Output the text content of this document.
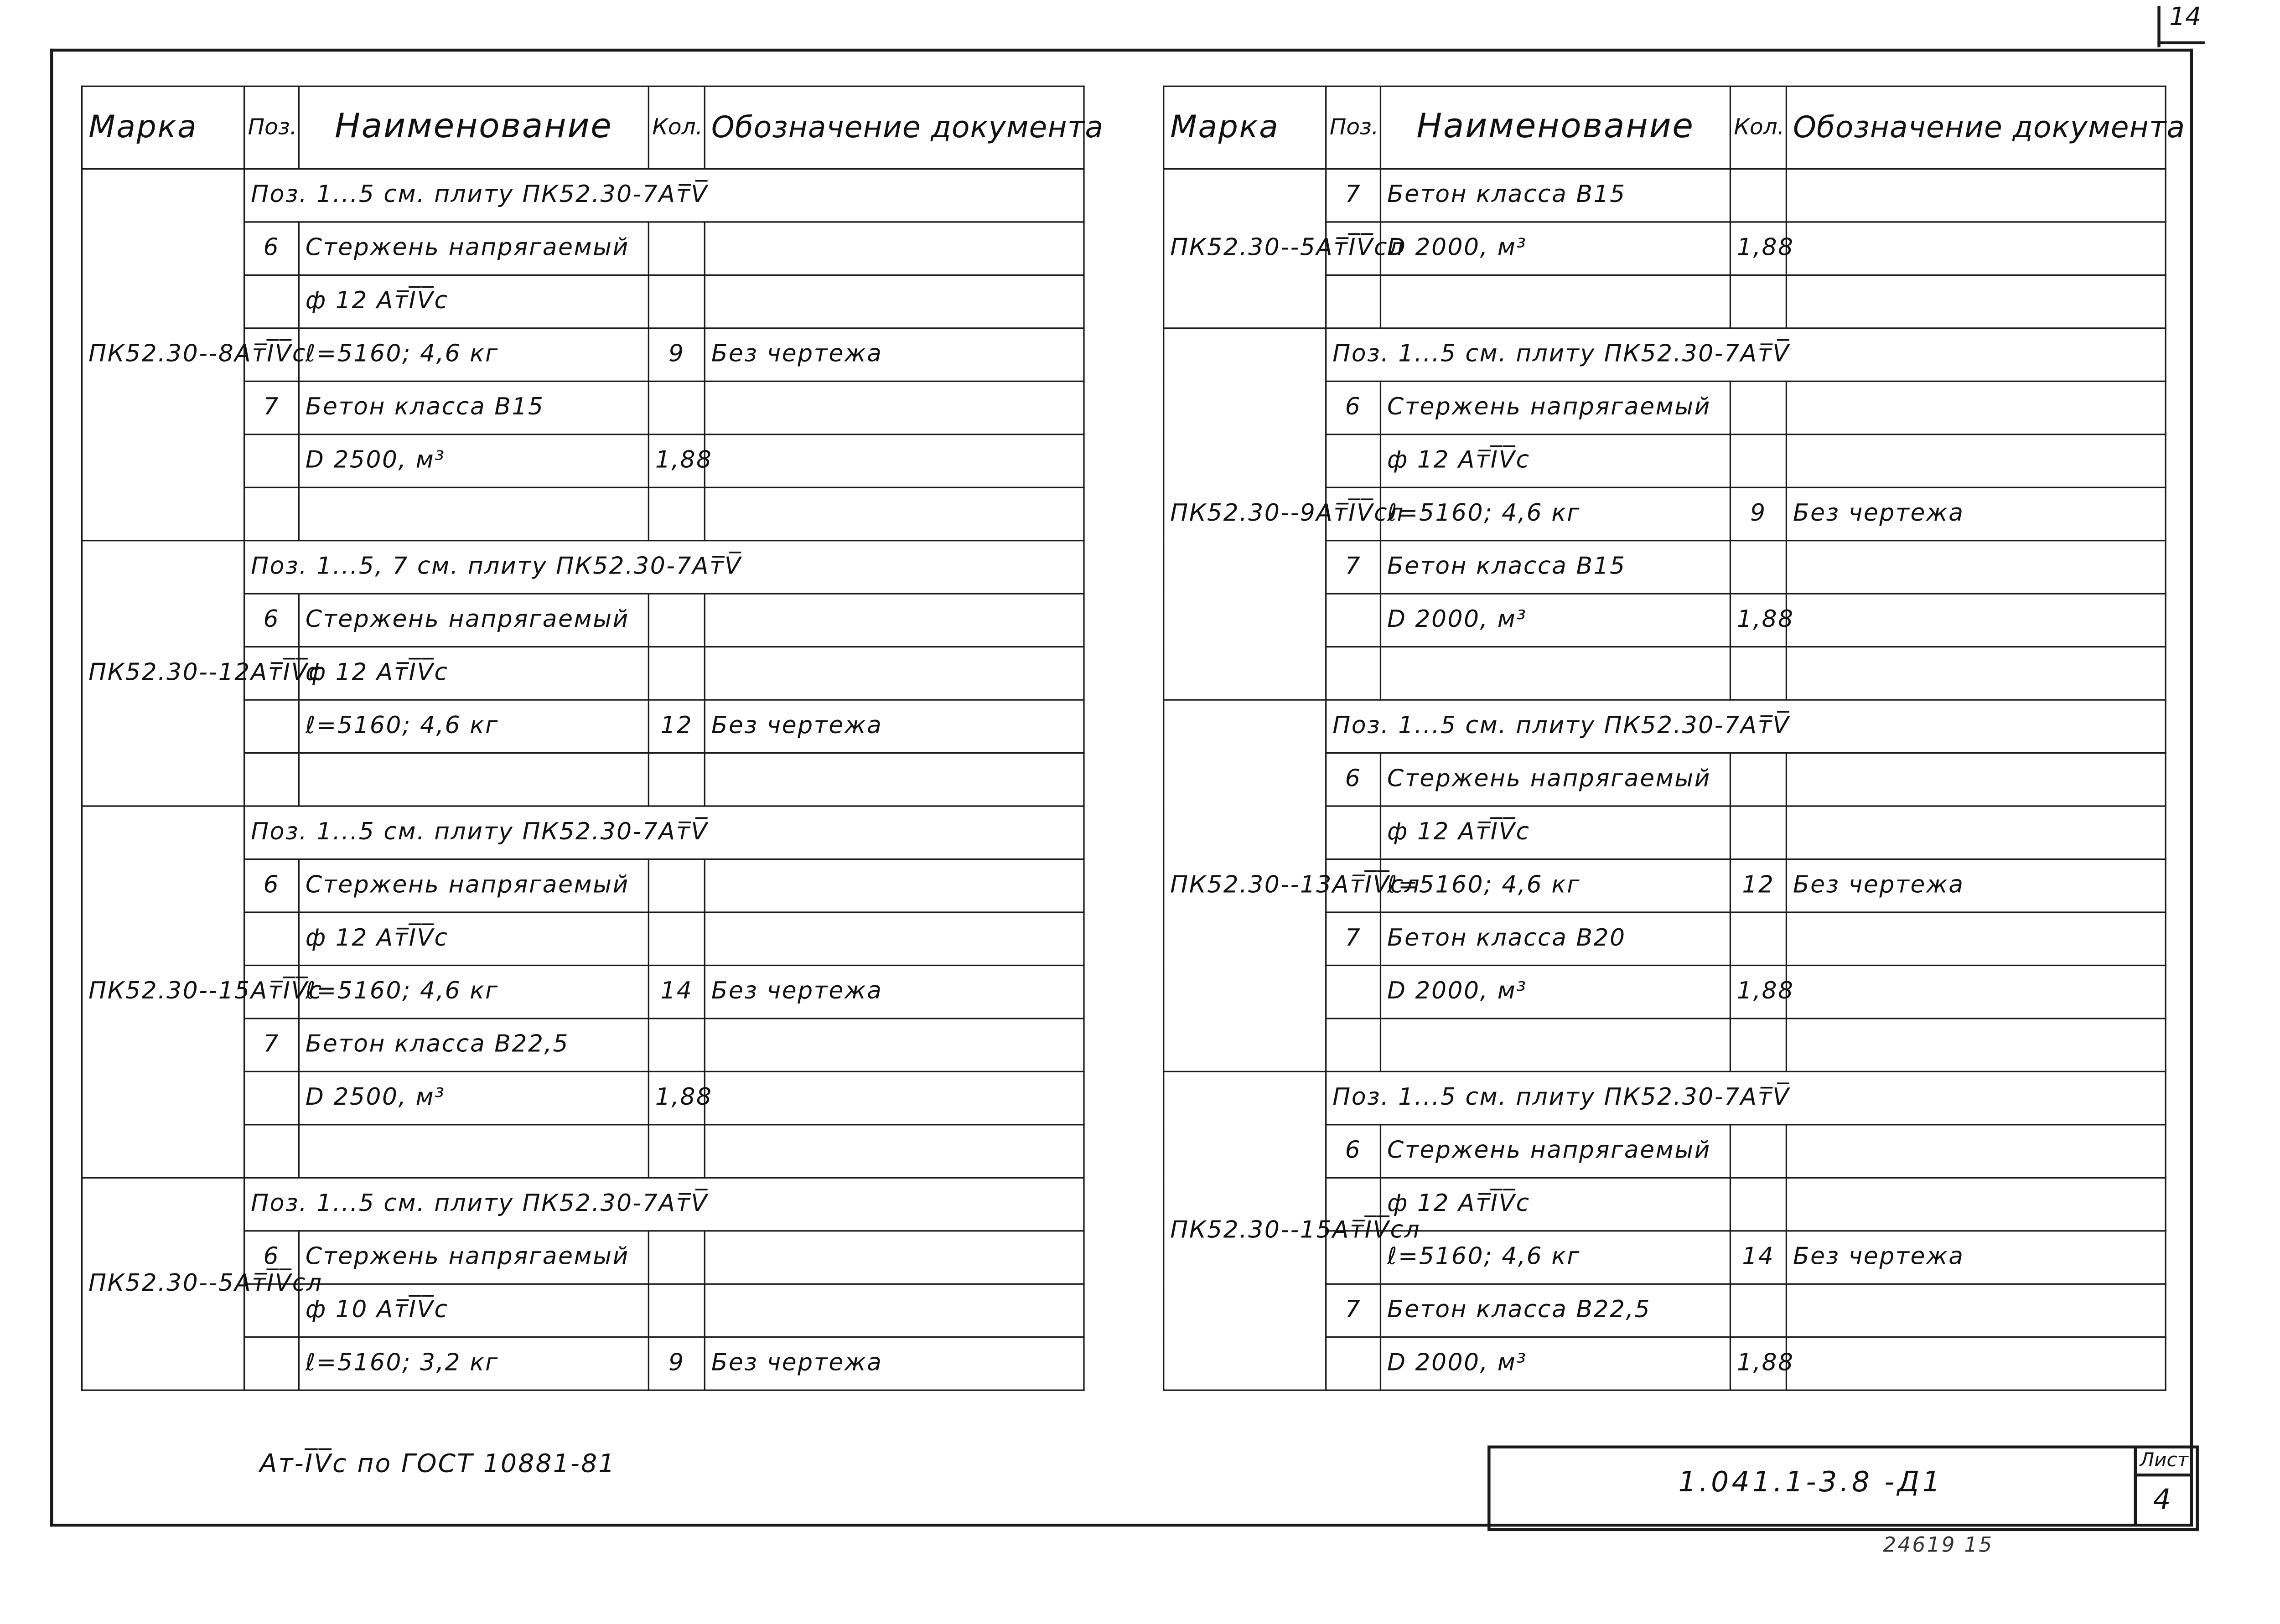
14
Марка	Поз.	Наименование	Кол.	Обозначение документа
ПК52.30--8Ат̅I̅V̅с	Поз. 1...5 см. плиту ПК52.30-7Ат̅V̅			
	6	Стержень напрягаемый		
		ф 12 Ат̅I̅V̅с		
		ℓ=5160; 4,6 кг	9	Без чертежа
	7	Бетон класса В15		
		D 2500, м³	1,88	

ПК52.30--12Ат̅I̅V̅с	Поз. 1...5, 7 см. плиту ПК52.30-7Ат̅V̅			
	6	Стержень напрягаемый		
		ф 12 Ат̅I̅V̅с		
		ℓ=5160; 4,6 кг	12	Без чертежа

ПК52.30--15Ат̅I̅V̅с	Поз. 1...5 см. плиту ПК52.30-7Ат̅V̅			
	6	Стержень напрягаемый		
		ф 12 Ат̅I̅V̅с		
		ℓ=5160; 4,6 кг	14	Без чертежа
	7	Бетон класса В22,5		
		D 2500, м³	1,88	

ПК52.30--5Ат̅I̅V̅сл	Поз. 1...5 см. плиту ПК52.30-7Ат̅V̅			
	6	Стержень напрягаемый		
		ф 10 Ат̅I̅V̅с		
		ℓ=5160; 3,2 кг	9	Без чертежа
Марка	Поз.	Наименование	Кол.	Обозначение документа
ПК52.30--5Ат̅I̅V̅сл	7	Бетон класса В15		
		D 2000, м³	1,88	

ПК52.30--9Ат̅I̅V̅сл	Поз. 1...5 см. плиту ПК52.30-7Ат̅V̅			
	6	Стержень напрягаемый		
		ф 12 Ат̅I̅V̅с		
		ℓ=5160; 4,6 кг	9	Без чертежа
	7	Бетон класса В15		
		D 2000, м³	1,88	

ПК52.30--13Ат̅I̅V̅сл	Поз. 1...5 см. плиту ПК52.30-7Ат̅V̅			
	6	Стержень напрягаемый		
		ф 12 Ат̅I̅V̅с		
		ℓ=5160; 4,6 кг	12	Без чертежа
	7	Бетон класса В20		
		D 2000, м³	1,88	

ПК52.30--15Ат̅I̅V̅сл	Поз. 1...5 см. плиту ПК52.30-7Ат̅V̅			
	6	Стержень напрягаемый		
		ф 12 Ат̅I̅V̅с		
		ℓ=5160; 4,6 кг	14	Без чертежа
	7	Бетон класса В22,5		
		D 2000, м³	1,88	
Ат-I̅V̅с по ГОСТ 10881-81
1.041.1-3.8 -Д1
Лист
4
24619 15
